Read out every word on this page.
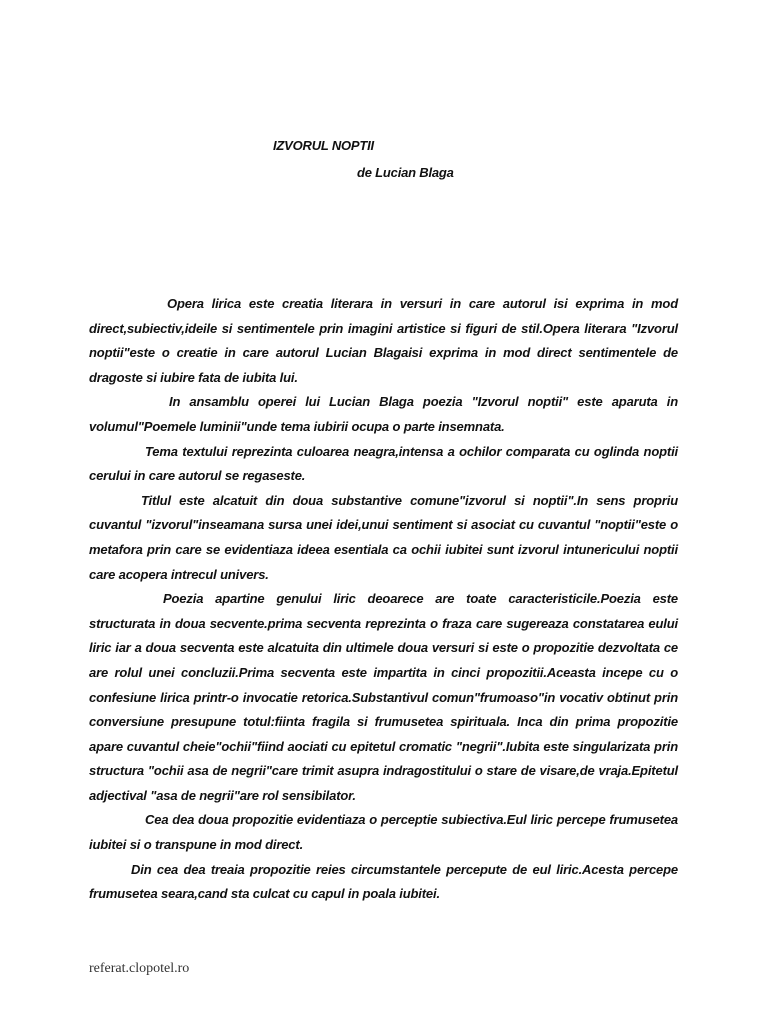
IZVORUL NOPTII
de Lucian Blaga

Opera lirica este creatia literara in versuri in care autorul isi exprima in mod direct,subiectiv,ideile si sentimentele prin imagini artistice si figuri de stil.Opera literara "Izvorul noptii"este o creatie in care autorul Lucian Blagaisi exprima in mod direct sentimentele de dragoste si iubire fata de iubita lui.

In ansamblu operei lui Lucian Blaga poezia "Izvorul noptii" este aparuta in volumul"Poemele luminii"unde tema iubirii ocupa o parte insemnata.

Tema textului reprezinta culoarea neagra,intensa a ochilor comparata cu oglinda noptii cerului in care autorul se regaseste.

Titlul este alcatuit din doua substantive comune"izvorul si noptii".In sens propriu cuvantul "izvorul"inseamana sursa unei idei,unui sentiment si asociat cu cuvantul "noptii"este o metafora prin care se evidentiaza ideea esentiala ca ochii iubitei sunt izvorul intunericului noptii care acopera intrecul univers.

Poezia apartine genului liric deoarece are toate caracteristicile.Poezia este structurata in doua secvente.prima secventa reprezinta o fraza care sugereaza constatarea eului liric iar a doua secventa este alcatuita din ultimele doua versuri si este o propozitie dezvoltata ce are rolul unei concluzii.Prima secventa este impartita in cinci propozitii.Aceasta incepe cu o confesiune lirica printr-o invocatie retorica.Substantivul comun"frumoaso"in vocativ obtinut prin conversiune presupune totul:fiinta fragila si frumusetea spirituala. Inca din prima propozitie apare cuvantul cheie"ochii"fiind aociati cu epitetul cromatic "negrii".Iubita este singularizata prin structura "ochii asa de negrii"care trimit asupra indragostitului o stare de visare,de vraja.Epitetul adjectival "asa de negrii"are rol sensibilator.

Cea dea doua propozitie evidentiaza o perceptie subiectiva.Eul liric percepe frumusetea iubitei si o transpune in mod direct.

Din cea dea treaia propozitie reies circumstantele percepute de eul liric.Acesta percepe frumusetea seara,cand sta culcat cu capul in poala iubitei.

referat.clopotel.ro
